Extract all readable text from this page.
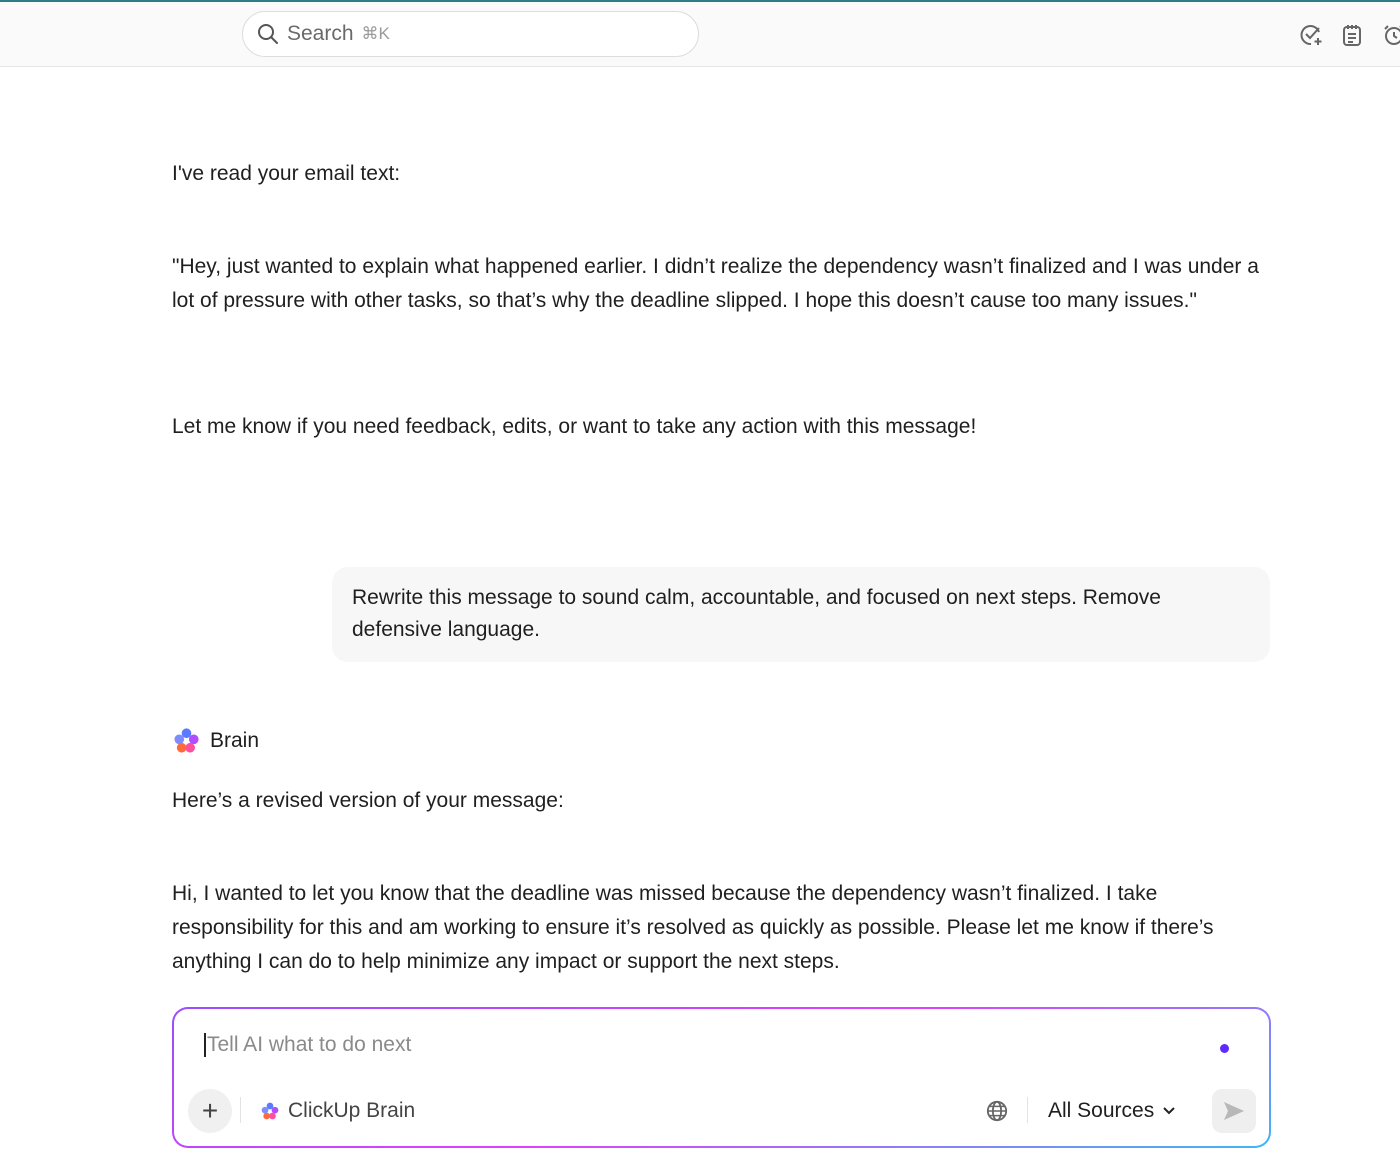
Search ⌘K
I've read your email text:
"Hey, just wanted to explain what happened earlier. I didn’t realize the dependency wasn’t finalized and I was under a lot of pressure with other tasks, so that’s why the deadline slipped. I hope this doesn’t cause too many issues."
Let me know if you need feedback, edits, or want to take any action with this message!
Rewrite this message to sound calm, accountable, and focused on next steps. Remove defensive language.
Brain
Here’s a revised version of your message:
Hi, I wanted to let you know that the deadline was missed because the dependency wasn’t finalized. I take responsibility for this and am working to ensure it’s resolved as quickly as possible. Please let me know if there’s anything I can do to help minimize any impact or support the next steps.
Tell AI what to do next
+	ClickUp Brain	All Sources
